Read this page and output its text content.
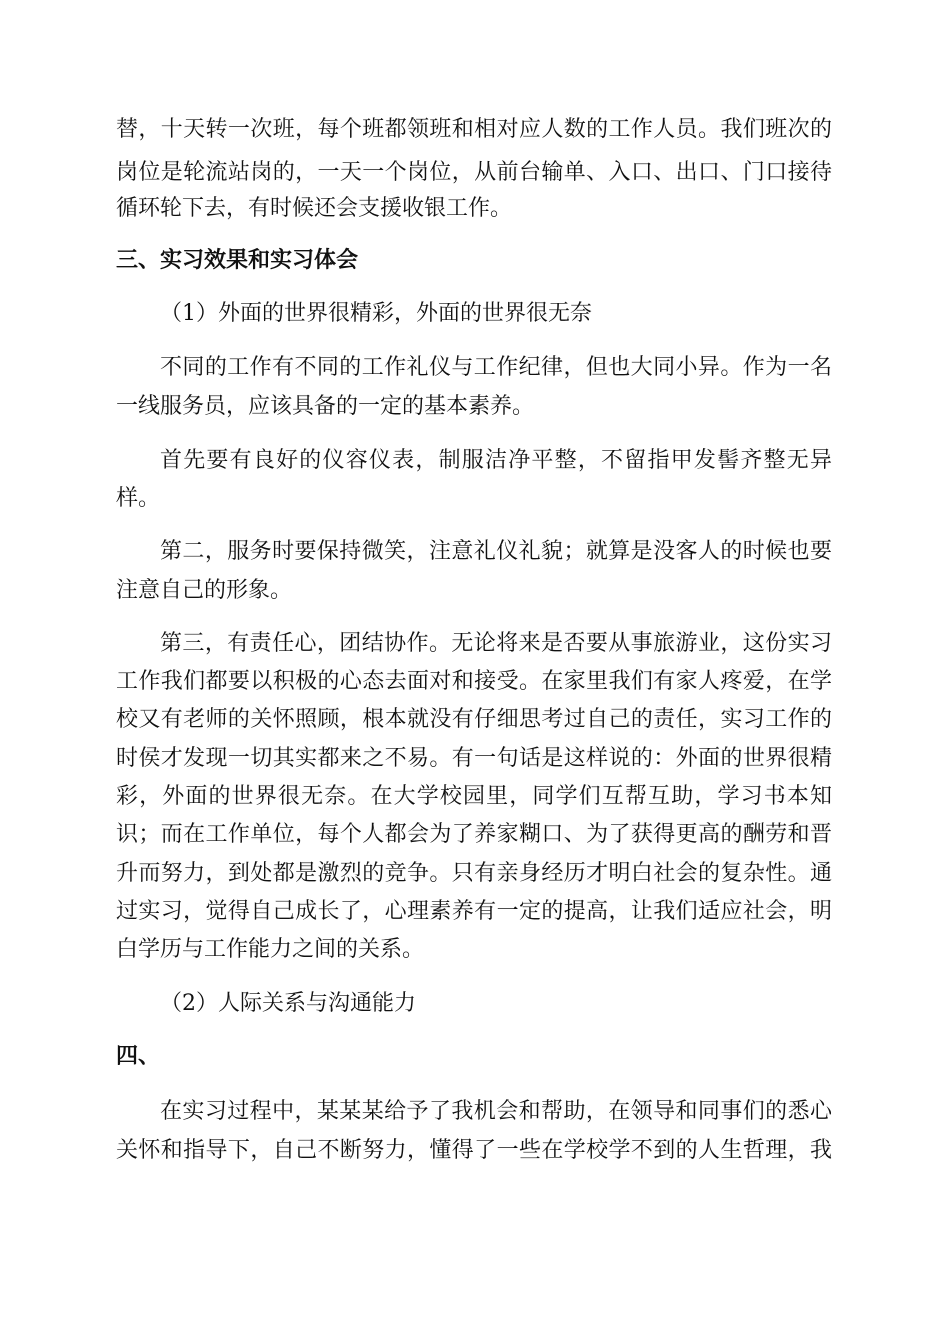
替，十天转一次班，每个班都领班和相对应人数的工作人员。我们班次的
岗位是轮流站岗的，一天一个岗位，从前台输单、入口、出口、门口接待
循环轮下去，有时候还会支援收银工作。
三、实习效果和实习体会
（1）外面的世界很精彩，外面的世界很无奈
不同的工作有不同的工作礼仪与工作纪律，但也大同小异。作为一名
一线服务员，应该具备的一定的基本素养。
首先要有良好的仪容仪表，制服洁净平整，不留指甲发髻齐整无异
样。
第二，服务时要保持微笑，注意礼仪礼貌；就算是没客人的时候也要
注意自己的形象。
第三，有责任心，团结协作。无论将来是否要从事旅游业，这份实习
工作我们都要以积极的心态去面对和接受。在家里我们有家人疼爱，在学
校又有老师的关怀照顾，根本就没有仔细思考过自己的责任，实习工作的
时侯才发现一切其实都来之不易。有一句话是这样说的：外面的世界很精
彩，外面的世界很无奈。在大学校园里，同学们互帮互助，学习书本知
识；而在工作单位，每个人都会为了养家糊口、为了获得更高的酬劳和晋
升而努力，到处都是激烈的竞争。只有亲身经历才明白社会的复杂性。通
过实习，觉得自己成长了，心理素养有一定的提高，让我们适应社会，明
白学历与工作能力之间的关系。
（2）人际关系与沟通能力
四、
在实习过程中，某某某给予了我机会和帮助，在领导和同事们的悉心
关怀和指导下，自己不断努力，懂得了一些在学校学不到的人生哲理，我
